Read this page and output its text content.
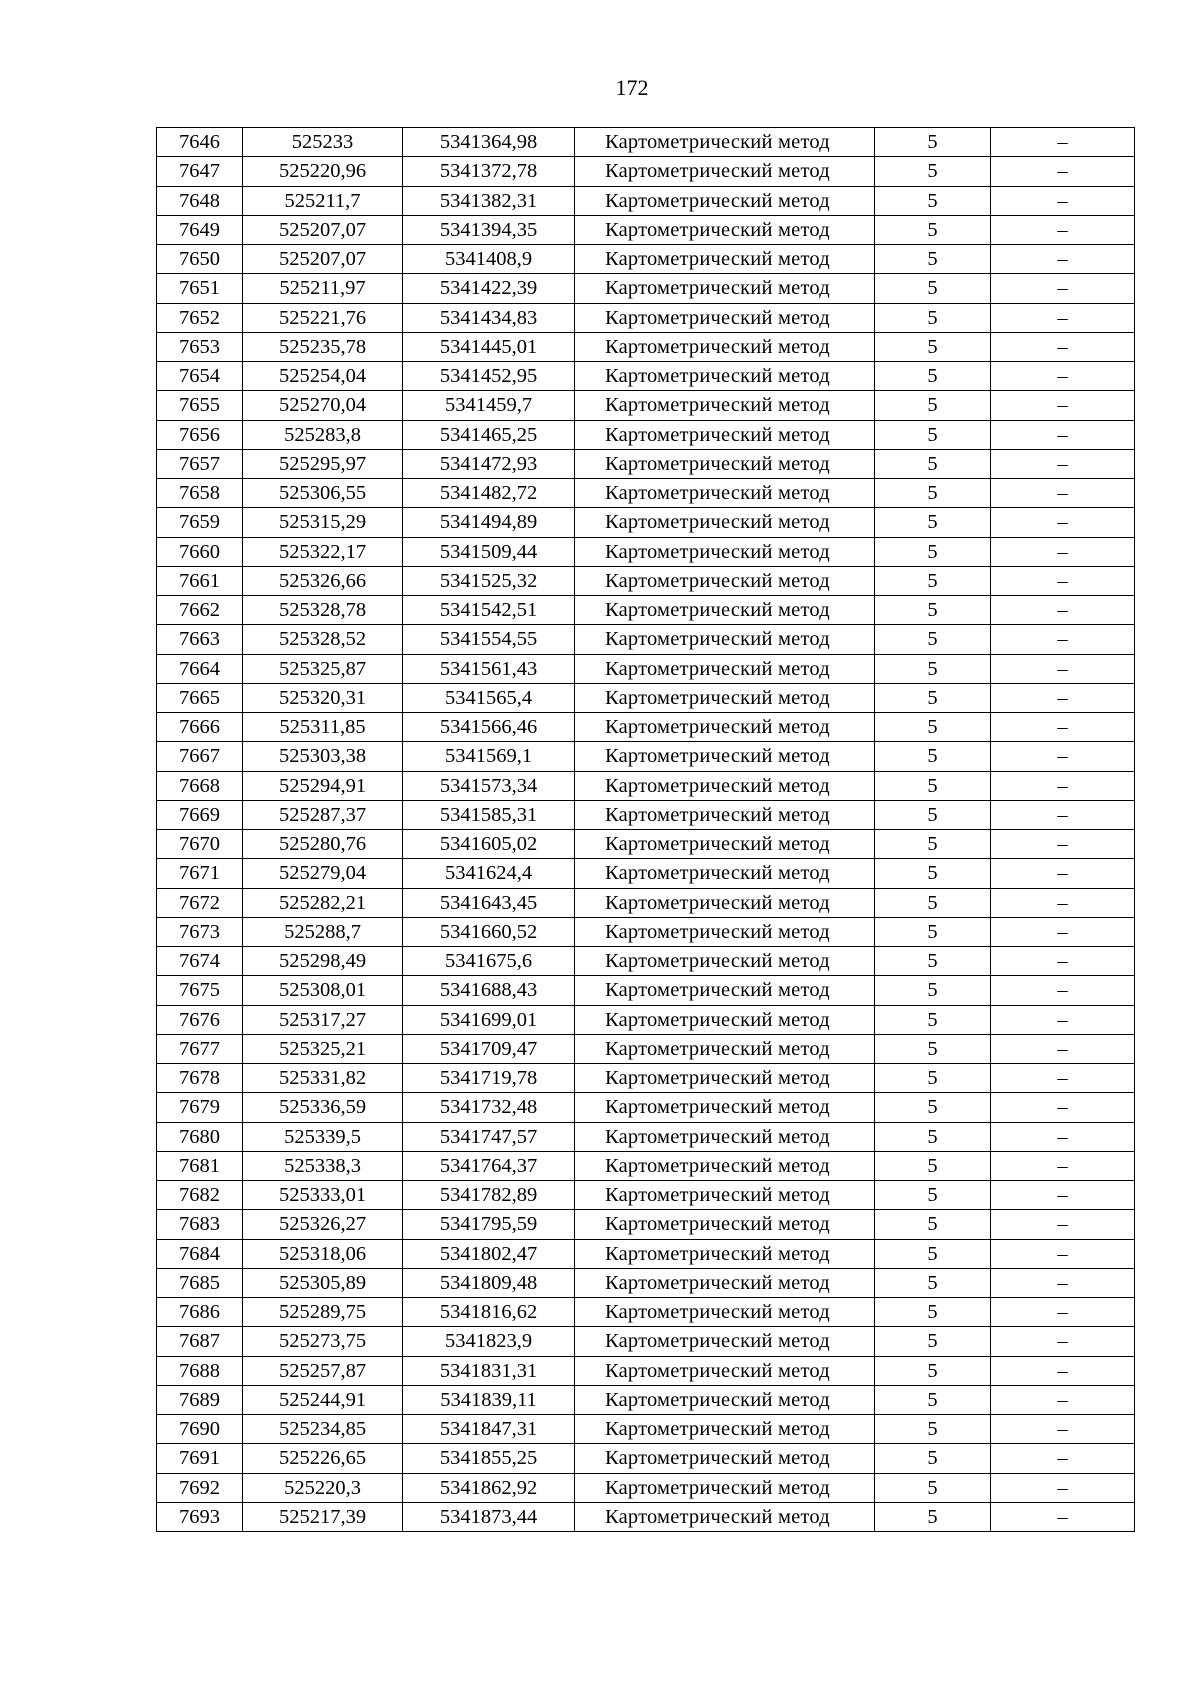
172
7646	525233	5341364,98	Картометрический метод	5	–
7647	525220,96	5341372,78	Картометрический метод	5	–
7648	525211,7	5341382,31	Картометрический метод	5	–
7649	525207,07	5341394,35	Картометрический метод	5	–
7650	525207,07	5341408,9	Картометрический метод	5	–
7651	525211,97	5341422,39	Картометрический метод	5	–
7652	525221,76	5341434,83	Картометрический метод	5	–
7653	525235,78	5341445,01	Картометрический метод	5	–
7654	525254,04	5341452,95	Картометрический метод	5	–
7655	525270,04	5341459,7	Картометрический метод	5	–
7656	525283,8	5341465,25	Картометрический метод	5	–
7657	525295,97	5341472,93	Картометрический метод	5	–
7658	525306,55	5341482,72	Картометрический метод	5	–
7659	525315,29	5341494,89	Картометрический метод	5	–
7660	525322,17	5341509,44	Картометрический метод	5	–
7661	525326,66	5341525,32	Картометрический метод	5	–
7662	525328,78	5341542,51	Картометрический метод	5	–
7663	525328,52	5341554,55	Картометрический метод	5	–
7664	525325,87	5341561,43	Картометрический метод	5	–
7665	525320,31	5341565,4	Картометрический метод	5	–
7666	525311,85	5341566,46	Картометрический метод	5	–
7667	525303,38	5341569,1	Картометрический метод	5	–
7668	525294,91	5341573,34	Картометрический метод	5	–
7669	525287,37	5341585,31	Картометрический метод	5	–
7670	525280,76	5341605,02	Картометрический метод	5	–
7671	525279,04	5341624,4	Картометрический метод	5	–
7672	525282,21	5341643,45	Картометрический метод	5	–
7673	525288,7	5341660,52	Картометрический метод	5	–
7674	525298,49	5341675,6	Картометрический метод	5	–
7675	525308,01	5341688,43	Картометрический метод	5	–
7676	525317,27	5341699,01	Картометрический метод	5	–
7677	525325,21	5341709,47	Картометрический метод	5	–
7678	525331,82	5341719,78	Картометрический метод	5	–
7679	525336,59	5341732,48	Картометрический метод	5	–
7680	525339,5	5341747,57	Картометрический метод	5	–
7681	525338,3	5341764,37	Картометрический метод	5	–
7682	525333,01	5341782,89	Картометрический метод	5	–
7683	525326,27	5341795,59	Картометрический метод	5	–
7684	525318,06	5341802,47	Картометрический метод	5	–
7685	525305,89	5341809,48	Картометрический метод	5	–
7686	525289,75	5341816,62	Картометрический метод	5	–
7687	525273,75	5341823,9	Картометрический метод	5	–
7688	525257,87	5341831,31	Картометрический метод	5	–
7689	525244,91	5341839,11	Картометрический метод	5	–
7690	525234,85	5341847,31	Картометрический метод	5	–
7691	525226,65	5341855,25	Картометрический метод	5	–
7692	525220,3	5341862,92	Картометрический метод	5	–
7693	525217,39	5341873,44	Картометрический метод	5	–
